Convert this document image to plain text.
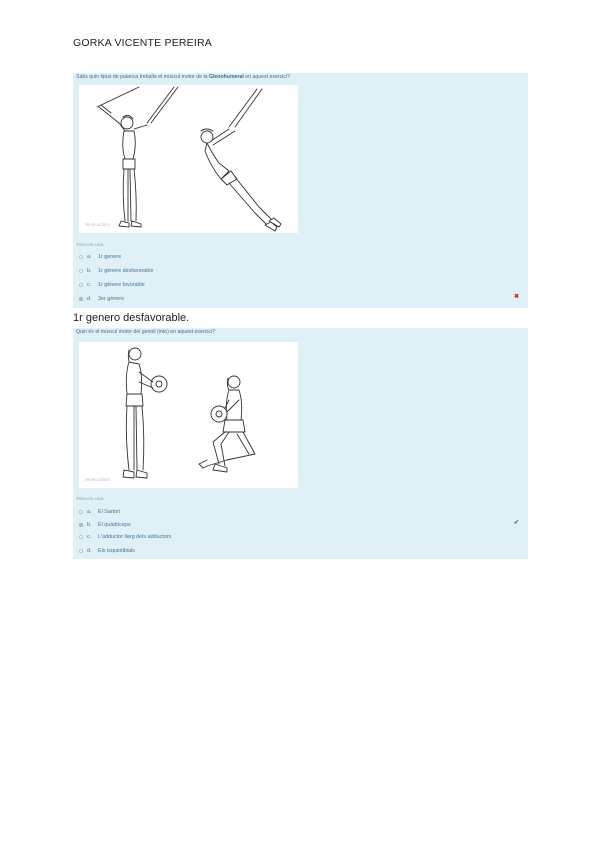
GORKA VICENTE PEREIRA
Sabs quin tipus de palanca treballa el múscul motor de la Glenohumeral en aquest exercici?
Workoutlabs
Trieu-ne una:
a.	1r genere
b.	1r gènere desfavorable
c.	1r gènere favorable
d.	3er gènere	✖
1r genero desfavorable.
Quin és el múscul motor del genoll (into) en aquest exercici?
Workoutlabs
Trieu-ne una:
a.	El Sartori
b.	El quàdriceps
c.	L'adductor llarg dels adductors
d.	Els isquiotibials
✔
